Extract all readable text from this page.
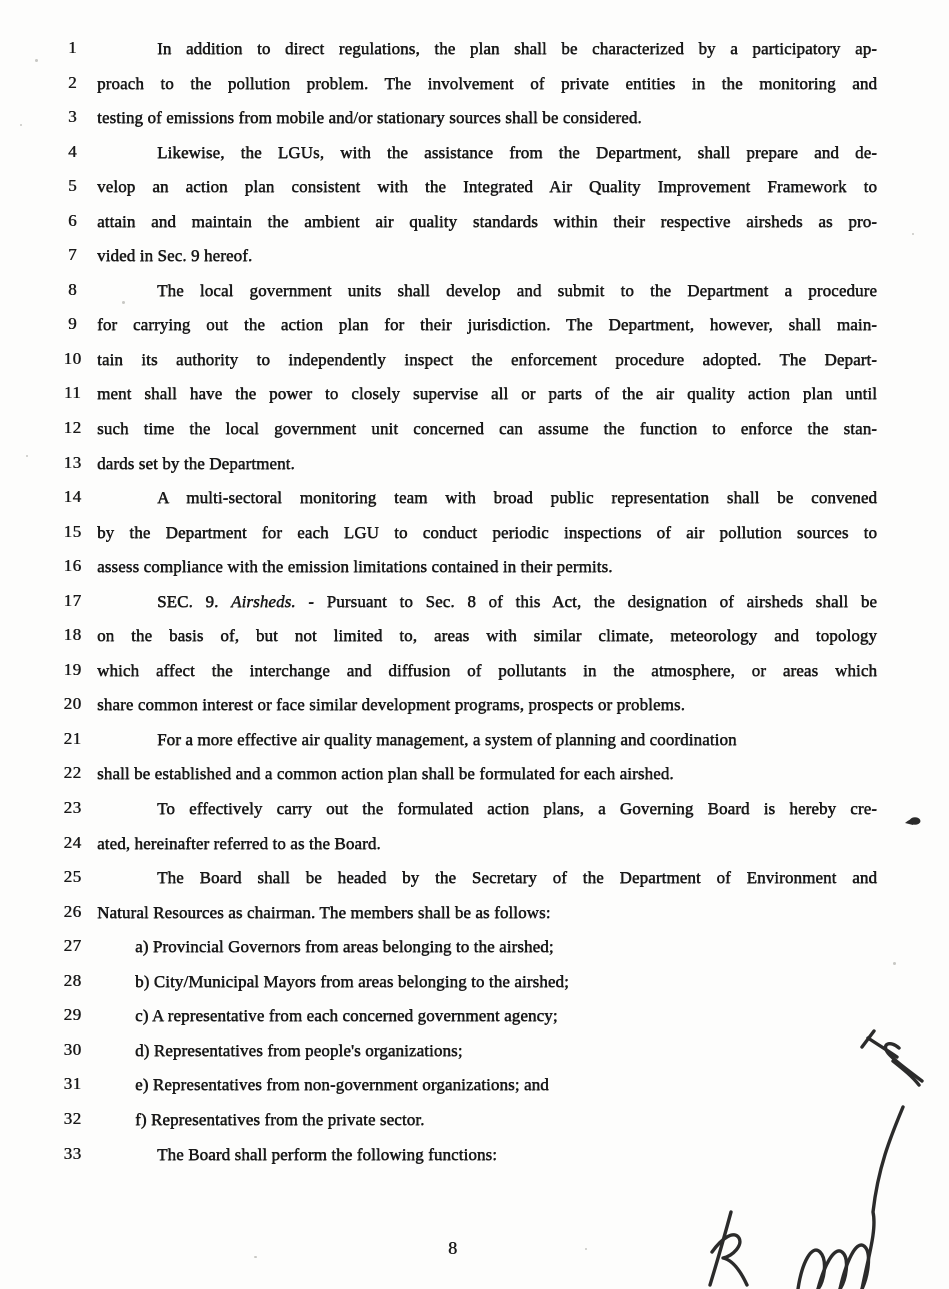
1	In addition to direct regulations, the plan shall be characterized by a participatory ap-
2	proach to the pollution problem. The involvement of private entities in the monitoring and
3	testing of emissions from mobile and/or stationary sources shall be considered.
4	Likewise, the LGUs, with the assistance from the Department, shall prepare and de-
5	velop an action plan consistent with the Integrated Air Quality Improvement Framework to
6	attain and maintain the ambient air quality standards within their respective airsheds as pro-
7	vided in Sec. 9 hereof.
8	The local government units shall develop and submit to the Department a procedure
9	for carrying out the action plan for their jurisdiction. The Department, however, shall main-
10 tain its authority to independently inspect the enforcement procedure adopted. The Depart-
11 ment shall have the power to closely supervise all or parts of the air quality action plan until
12 such time the local government unit concerned can assume the function to enforce the stan-
13 dards set by the Department.
14	A multi-sectoral monitoring team with broad public representation shall be convened
15 by the Department for each LGU to conduct periodic inspections of air pollution sources to
16 assess compliance with the emission limitations contained in their permits.
17	SEC. 9. Airsheds. - Pursuant to Sec. 8 of this Act, the designation of airsheds shall be
18 on the basis of, but not limited to, areas with similar climate, meteorology and topology
19 which affect the interchange and diffusion of pollutants in the atmosphere, or areas which
20 share common interest or face similar development programs, prospects or problems.
21	For a more effective air quality management, a system of planning and coordination
22 shall be established and a common action plan shall be formulated for each airshed.
23	To effectively carry out the formulated action plans, a Governing Board is hereby cre-
24 ated, hereinafter referred to as the Board.
25	The Board shall be headed by the Secretary of the Department of Environment and
26 Natural Resources as chairman. The members shall be as follows:
27	a) Provincial Governors from areas belonging to the airshed;
28	b) City/Municipal Mayors from areas belonging to the airshed;
29	c) A representative from each concerned government agency;
30	d) Representatives from people's organizations;
31	e) Representatives from non-government organizations; and
32	f) Representatives from the private sector.
33	The Board shall perform the following functions:
8
